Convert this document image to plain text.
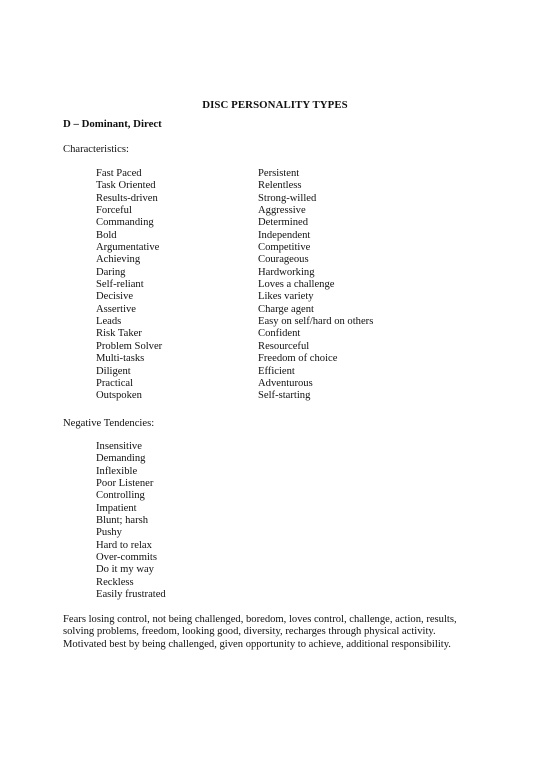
DISC PERSONALITY TYPES
D – Dominant, Direct
Characteristics:
Fast Paced	Persistent
Task Oriented	Relentless
Results-driven	Strong-willed
Forceful	Aggressive
Commanding	Determined
Bold	Independent
Argumentative	Competitive
Achieving	Courageous
Daring	Hardworking
Self-reliant	Loves a challenge
Decisive	Likes variety
Assertive	Charge agent
Leads	Easy on self/hard on others
Risk Taker	Confident
Problem Solver	Resourceful
Multi-tasks	Freedom of choice
Diligent	Efficient
Practical	Adventurous
Outspoken	Self-starting
Negative Tendencies:
Insensitive
Demanding
Inflexible
Poor Listener
Controlling
Impatient
Blunt; harsh
Pushy
Hard to relax
Over-commits
Do it my way
Reckless
Easily frustrated
Fears losing control, not being challenged, boredom, loves control, challenge, action, results,
solving problems, freedom, looking good, diversity, recharges through physical activity.
Motivated best by being challenged, given opportunity to achieve, additional responsibility.
